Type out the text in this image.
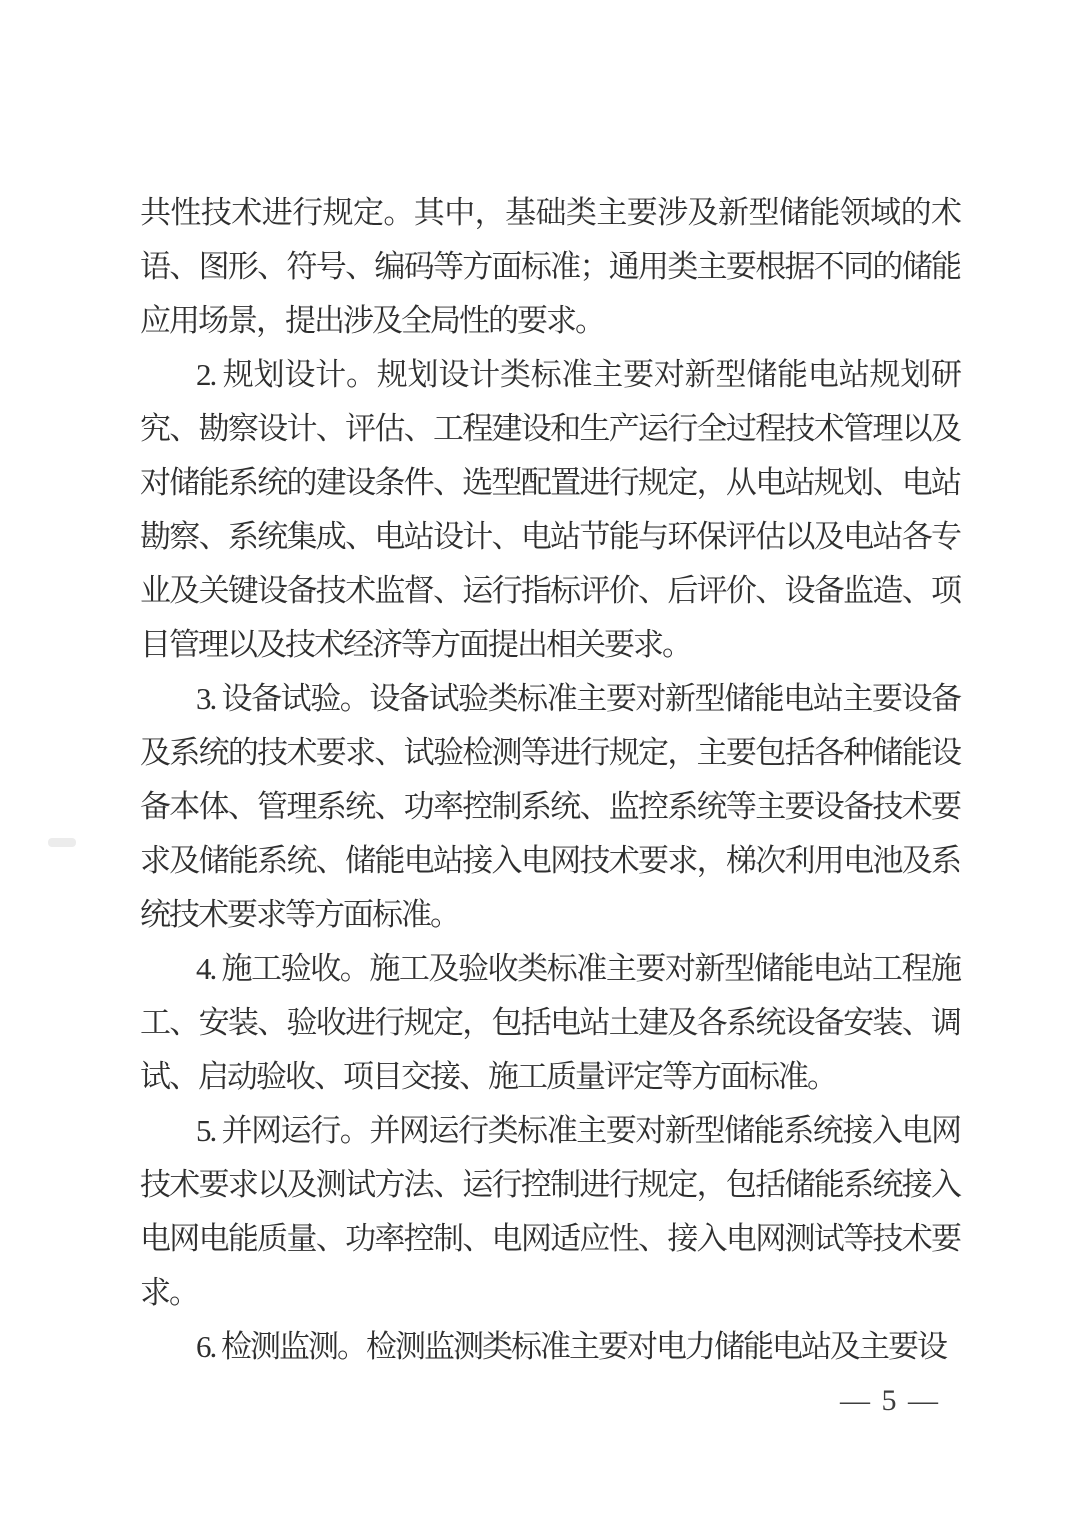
共性技术进行规定。其中，基础类主要涉及新型储能领域的术语、图形、符号、编码等方面标准；通用类主要根据不同的储能应用场景，提出涉及全局性的要求。

2. 规划设计。规划设计类标准主要对新型储能电站规划研究、勘察设计、评估、工程建设和生产运行全过程技术管理以及对储能系统的建设条件、选型配置进行规定，从电站规划、电站勘察、系统集成、电站设计、电站节能与环保评估以及电站各专业及关键设备技术监督、运行指标评价、后评价、设备监造、项目管理以及技术经济等方面提出相关要求。

3. 设备试验。设备试验类标准主要对新型储能电站主要设备及系统的技术要求、试验检测等进行规定，主要包括各种储能设备本体、管理系统、功率控制系统、监控系统等主要设备技术要求及储能系统、储能电站接入电网技术要求，梯次利用电池及系统技术要求等方面标准。

4. 施工验收。施工及验收类标准主要对新型储能电站工程施工、安装、验收进行规定，包括电站土建及各系统设备安装、调试、启动验收、项目交接、施工质量评定等方面标准。

5. 并网运行。并网运行类标准主要对新型储能系统接入电网技术要求以及测试方法、运行控制进行规定，包括储能系统接入电网电能质量、功率控制、电网适应性、接入电网测试等技术要求。

6. 检测监测。检测监测类标准主要对电力储能电站及主要设

— 5 —
